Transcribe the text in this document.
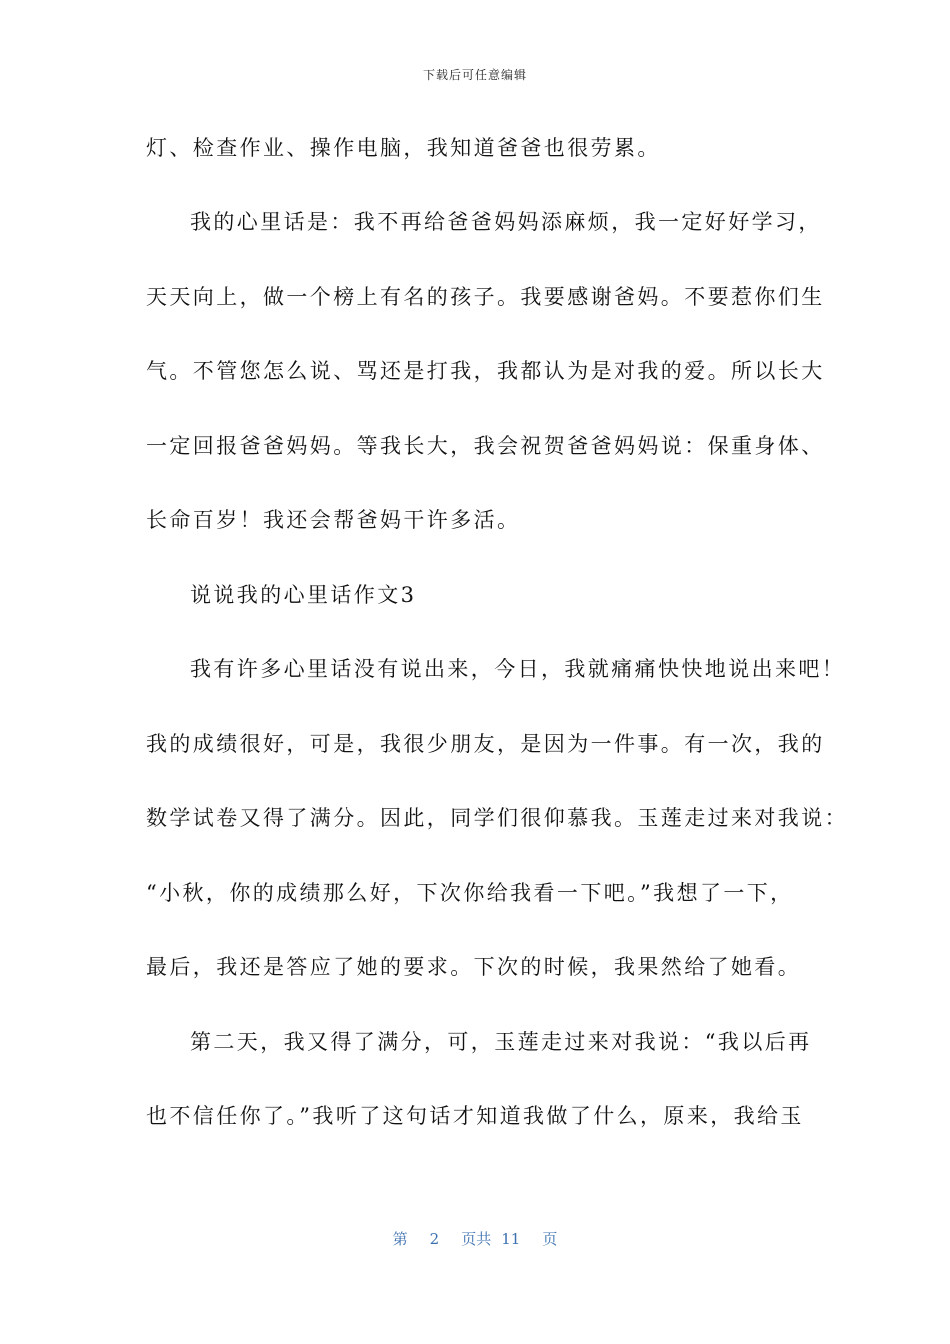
下载后可任意编辑
灯、检查作业、操作电脑，我知道爸爸也很劳累。
我的心里话是：我不再给爸爸妈妈添麻烦，我一定好好学习，
天天向上，做一个榜上有名的孩子。我要感谢爸妈。不要惹你们生
气。不管您怎么说、骂还是打我，我都认为是对我的爱。所以长大
一定回报爸爸妈妈。等我长大，我会祝贺爸爸妈妈说：保重身体、
长命百岁！我还会帮爸妈干许多活。
说说我的心里话作文3
我有许多心里话没有说出来，今日，我就痛痛快快地说出来吧！
我的成绩很好，可是，我很少朋友，是因为一件事。有一次，我的
数学试卷又得了满分。因此，同学们很仰慕我。玉莲走过来对我说：
“小秋，你的成绩那么好，下次你给我看一下吧。”我想了一下，
最后，我还是答应了她的要求。下次的时候，我果然给了她看。
第二天，我又得了满分，可，玉莲走过来对我说：“我以后再
也不信任你了。”我听了这句话才知道我做了什么，原来，我给玉
第 2 页共 11 页
